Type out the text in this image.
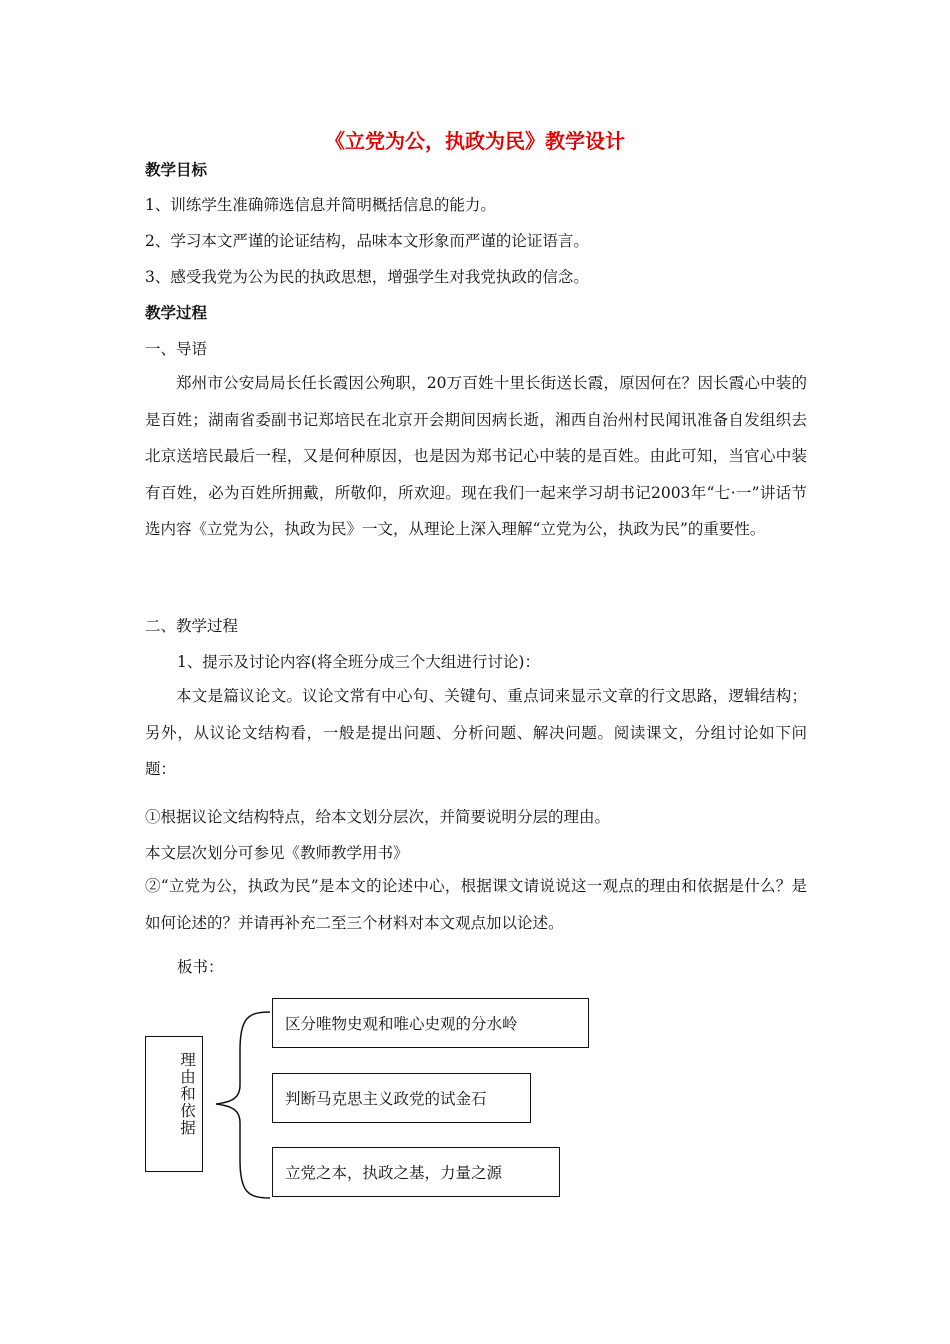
《立党为公，执政为民》教学设计
教学目标
1、训练学生准确筛选信息并简明概括信息的能力。
2、学习本文严谨的论证结构，品味本文形象而严谨的论证语言。
3、感受我党为公为民的执政思想，增强学生对我党执政的信念。
教学过程
一、导语
郑州市公安局局长任长霞因公殉职，20万百姓十里长街送长霞，原因何在？因长霞心中装的是百姓；湖南省委副书记郑培民在北京开会期间因病长逝，湘西自治州村民闻讯准备自发组织去北京送培民最后一程，又是何种原因，也是因为郑书记心中装的是百姓。由此可知，当官心中装有百姓，必为百姓所拥戴，所敬仰，所欢迎。现在我们一起来学习胡书记2003年“七·一”讲话节选内容《立党为公，执政为民》一文，从理论上深入理解“立党为公，执政为民”的重要性。
二、教学过程
1、提示及讨论内容(将全班分成三个大组进行讨论)：
本文是篇议论文。议论文常有中心句、关键句、重点词来显示文章的行文思路，逻辑结构；另外，从议论文结构看，一般是提出问题、分析问题、解决问题。阅读课文，分组讨论如下问题：
①根据议论文结构特点，给本文划分层次，并简要说明分层的理由。
本文层次划分可参见《教师教学用书》
②“立党为公，执政为民”是本文的论述中心，根据课文请说说这一观点的理由和依据是什么？是如何论述的？并请再补充二至三个材料对本文观点加以论述。
板书：
理由和依据
区分唯物史观和唯心史观的分水岭
判断马克思主义政党的试金石
立党之本，执政之基，力量之源
